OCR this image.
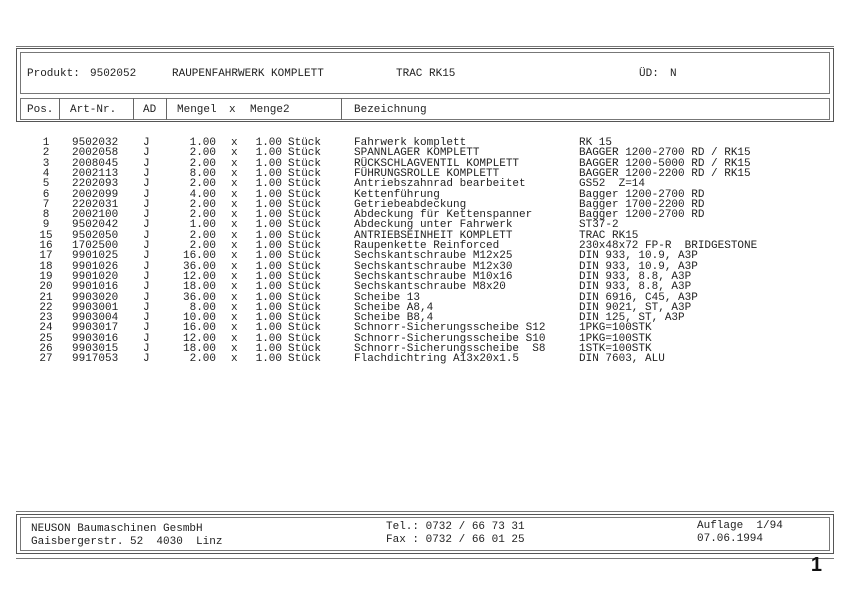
Produkt: 9502052	RAUPENFAHRWERK KOMPLETT	TRAC RK15	ÜD: N
Pos. Art-Nr. AD Mengel x Menge2	Bezeichnung
1	9502032 J	1.00 x	1.00 Stück	Fahrwerk komplett	RK 15
2	2002058 J	2.00 x	1.00 Stück	SPANNLAGER KOMPLETT	BAGGER 1200-2700 RD / RK15
3	2008045 J	2.00 x	1.00 Stück	RÜCKSCHLAGVENTIL KOMPLETT	BAGGER 1200-5000 RD / RK15
4	2002113 J	8.00 x	1.00 Stück	FÜHRUNGSROLLE KOMPLETT	BAGGER 1200-2200 RD / RK15
5	2202093 J	2.00 x	1.00 Stück	Antriebszahnrad bearbeitet	GS52  Z=14
6	2002099 J	4.00 x	1.00 Stück	Kettenführung	Bagger 1200-2700 RD
7	2202031 J	2.00 x	1.00 Stück	Getriebeabdeckung	Bagger 1700-2200 RD
8	2002100 J	2.00 x	1.00 Stück	Abdeckung für Kettenspanner	Bagger 1200-2700 RD
9	9502042 J	1.00 x	1.00 Stück	Abdeckung unter Fahrwerk	ST37-2
15	9502050 J	2.00 x	1.00 Stück	ANTRIEBSEINHEIT KOMPLETT	TRAC RK15
16	1702500 J	2.00 x	1.00 Stück	Raupenkette Reinforced	230x48x72 FP-R  BRIDGESTONE
17	9901025 J	16.00 x	1.00 Stück	Sechskantschraube M12x25	DIN 933, 10.9, A3P
18	9901026 J	36.00 x	1.00 Stück	Sechskantschraube M12x30	DIN 933, 10.9, A3P
19	9901020 J	12.00 x	1.00 Stück	Sechskantschraube M10x16	DIN 933, 8.8, A3P
20	9901016 J	18.00 x	1.00 Stück	Sechskantschraube M8x20	DIN 933, 8.8, A3P
21	9903020 J	36.00 x	1.00 Stück	Scheibe 13	DIN 6916, C45, A3P
22	9903001 J	8.00 x	1.00 Stück	Scheibe A8,4	DIN 9021, ST, A3P
23	9903004 J	10.00 x	1.00 Stück	Scheibe B8,4	DIN 125, ST, A3P
24	9903017 J	16.00 x	1.00 Stück	Schnorr-Sicherungsscheibe S12	1PKG=100STK
25	9903016 J	12.00 x	1.00 Stück	Schnorr-Sicherungsscheibe S10	1PKG=100STK
26	9903015 J	18.00 x	1.00 Stück	Schnorr-Sicherungsscheibe  S8	1STK=100STK
27	9917053 J	2.00 x	1.00 Stück	Flachdichtring A13x20x1.5	DIN 7603, ALU
NEUSON Baumaschinen GesmbH
Gaisbergerstr. 52  4030  Linz
Tel.: 0732 / 66 73 31
Fax : 0732 / 66 01 25
Auflage  1/94
07.06.1994
1
